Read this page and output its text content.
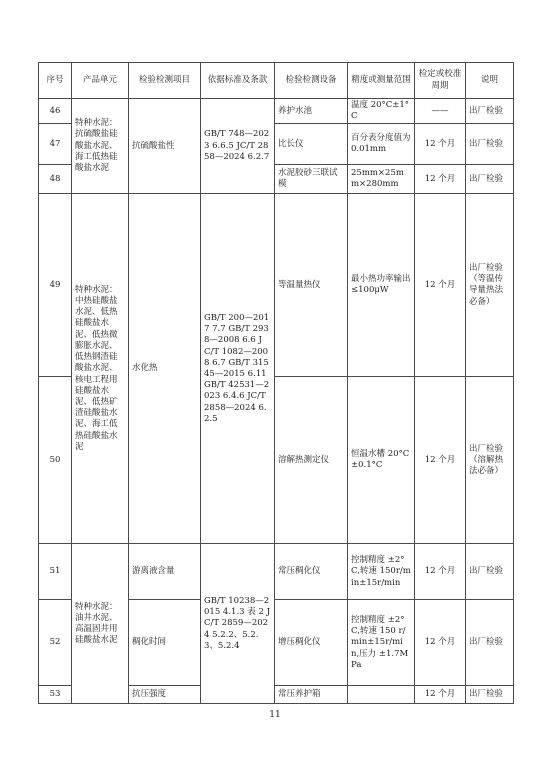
序号	产品单元	检验检测项目	依据标准及条款	检验检测设备	精度或测量范围	检定或校准周期	说明
46	特种水泥：抗硫酸盐硅酸盐水泥、海工低热硅酸盐水泥	抗硫酸盐性	GB/T 748—2023 6.6.5 JC/T 2858—2024 6.2.7	养护水池	温度 20°C±1°C	——	出厂检验
47				比长仪	百分表分度值为 0.01mm	12 个月	出厂检验
48				水泥胶砂三联试模	25mm×25mm×280mm	12 个月	出厂检验
49	特种水泥：中热硅酸盐水泥、低热硅酸盐水泥、低热微膨胀水泥、低热钢渣硅酸盐水泥、核电工程用硅酸盐水泥、低热矿渣硅酸盐水泥、海工低热硅酸盐水泥	水化热	GB/T 200—2017 7.7 GB/T 2938—2008 6.6 JC/T 1082—2008 6.7 GB/T 31545—2015 6.11 GB/T 42531—2023 6.4.6 JC/T 2858—2024 6.2.5	等温量热仪	最小热功率输出 ≤100μW	12 个月	出厂检验（等温传导量热法必备）
50				溶解热测定仪	恒温水槽 20°C±0.1°C	12 个月	出厂检验（溶解热法必备）
51	特种水泥：油井水泥、高温固井用硅酸盐水泥	游离液含量	GB/T 10238—2015 4.1.3 表 2 JC/T 2859—2024 5.2.2、5.2.3、5.2.4	常压稠化仪	控制精度 ±2°C,转速 150r/min±15r/min	12 个月	出厂检验
52		稠化时间		增压稠化仪	控制精度 ±2°C,转速 150 r/min±15r/min,压力 ±1.7MPa	12 个月	出厂检验
53		抗压强度		常压养护箱		12 个月	出厂检验
11
